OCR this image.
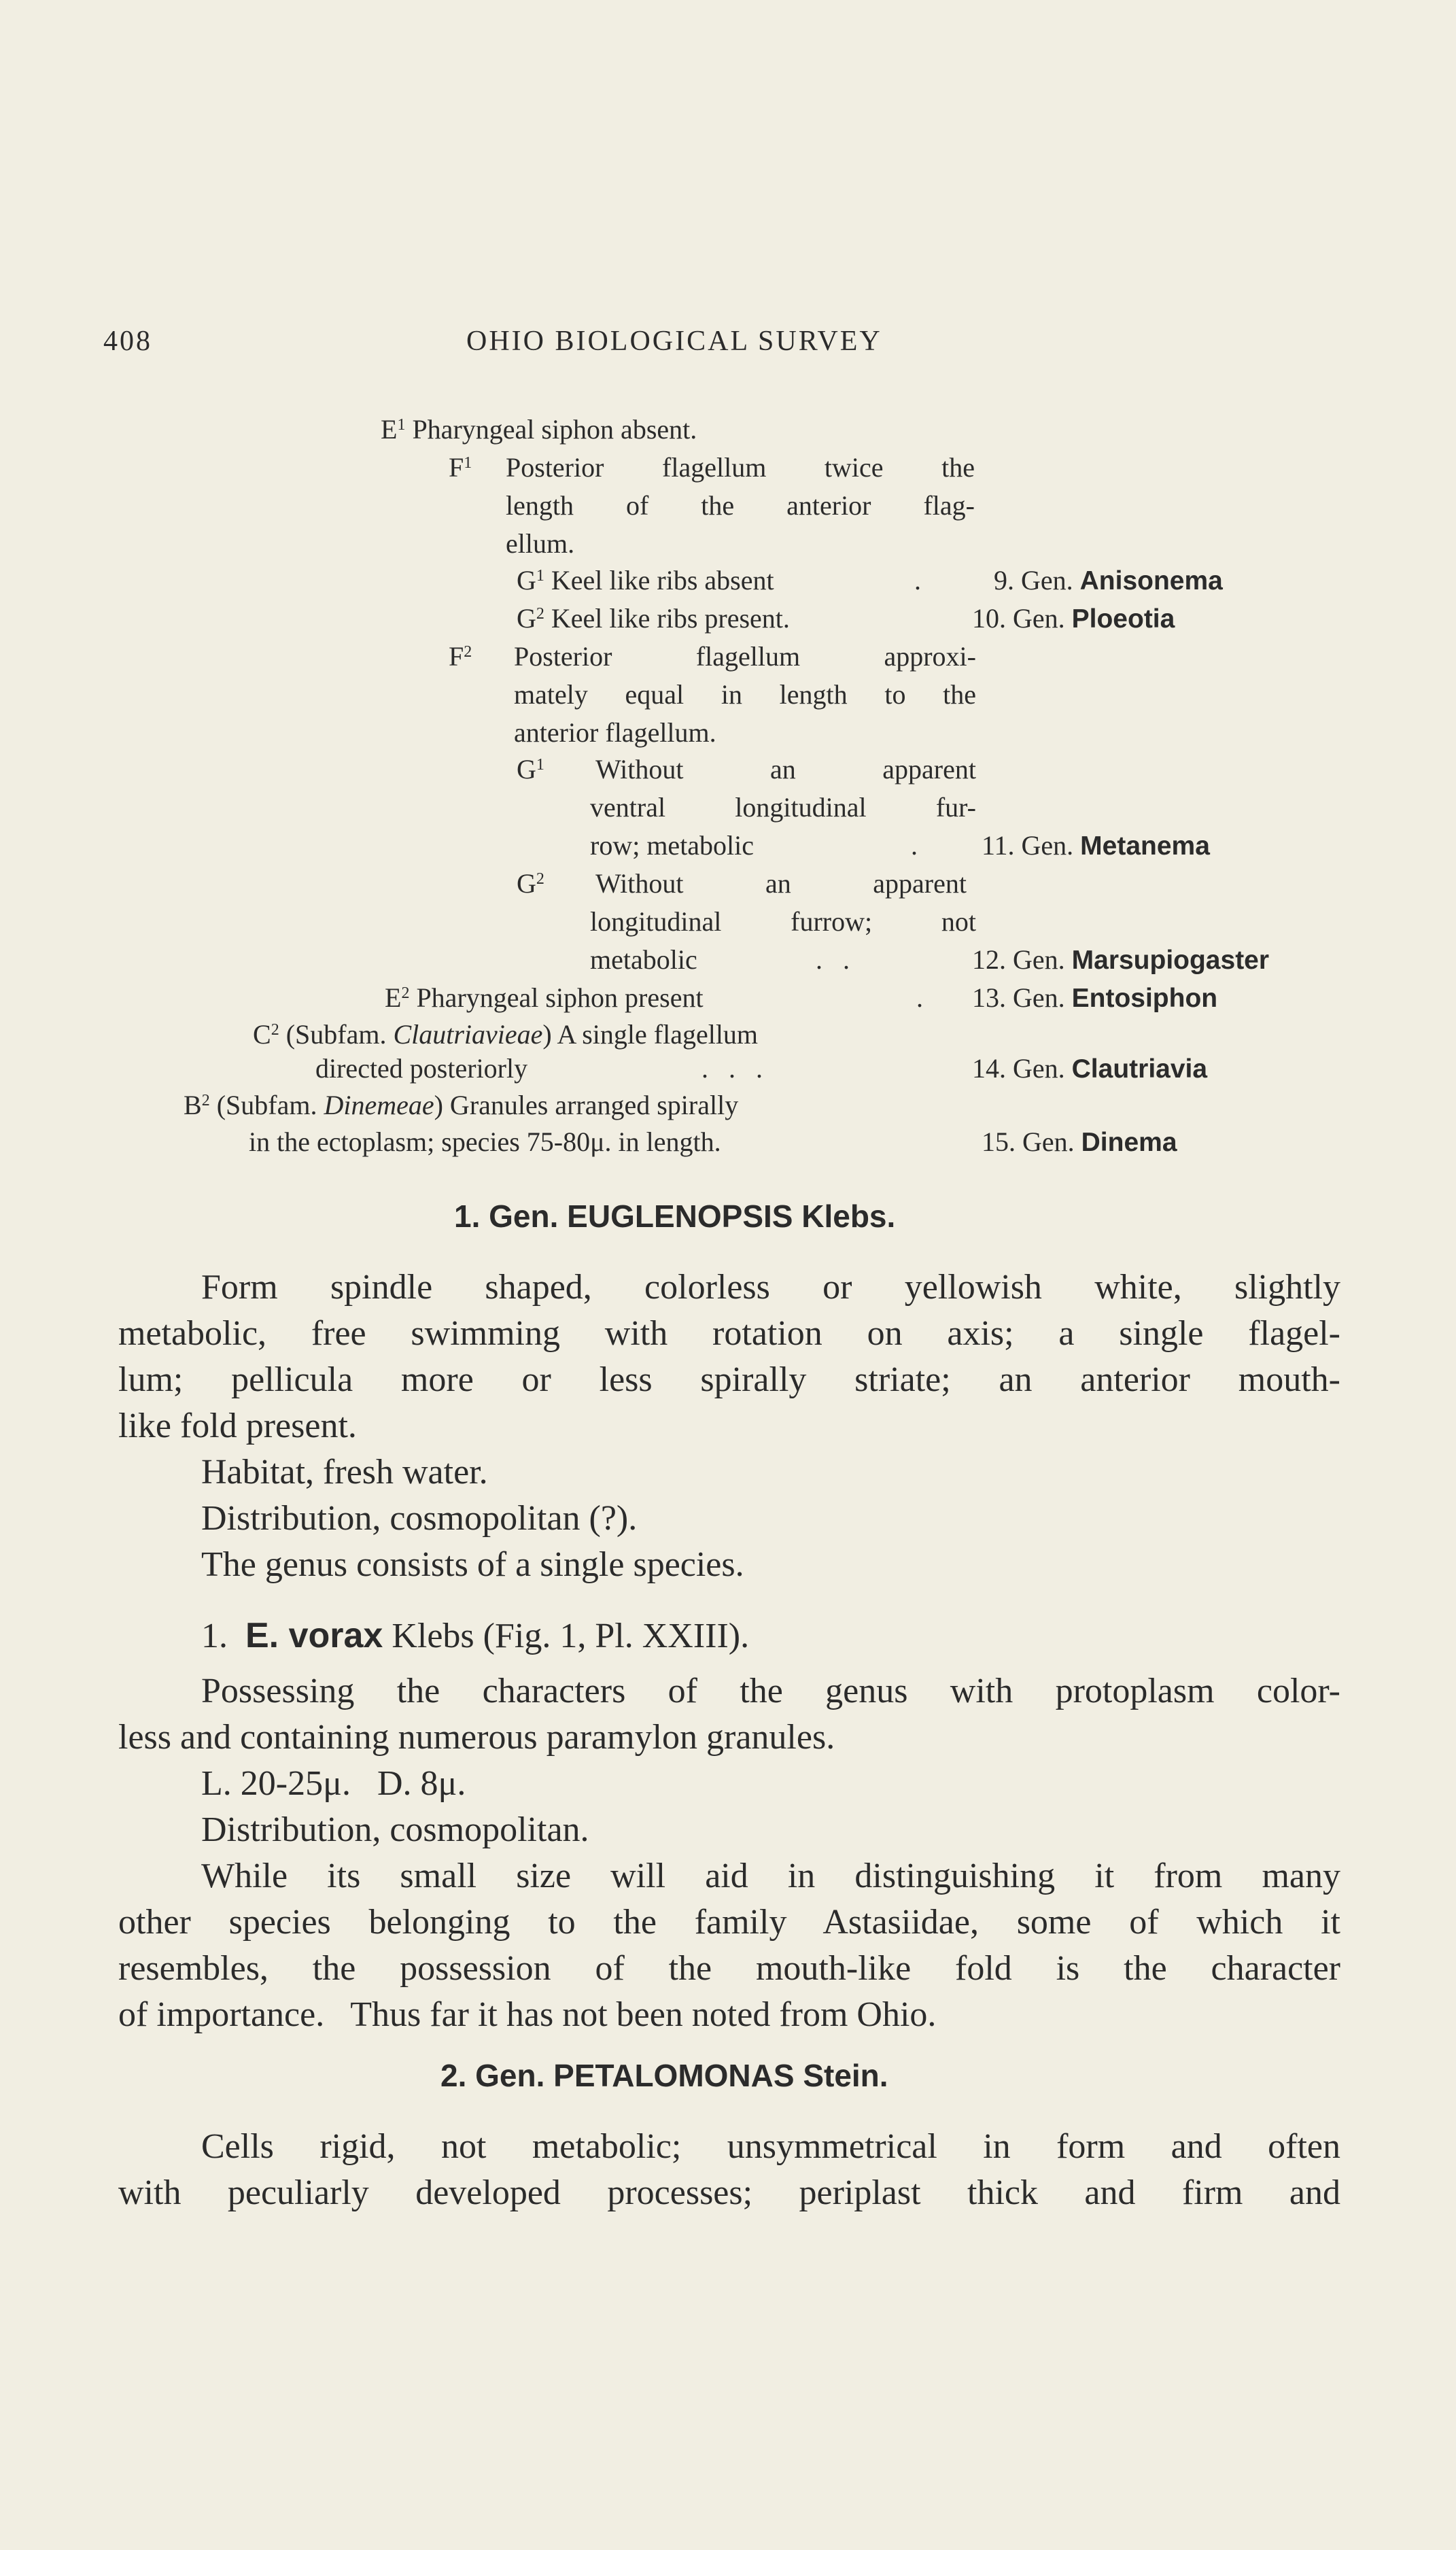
408	OHIO BIOLOGICAL SURVEY
$E^1$ Pharyngeal siphon absent.
$F^1$ Posterior flagellum twice the
length of the anterior flag-
ellum.
$G^1$ Keel like ribs absent	.	9. Gen. Anisonema
$G^2$ Keel like ribs present.	10. Gen. Ploeotia
$F^2$ Posterior flagellum approxi-
mately equal in length to the
anterior flagellum.
$G^1$ Without an apparent
ventral longitudinal fur-
row; metabolic	. 11. Gen. Metanema
$G^2$ Without an apparent
longitudinal furrow; not
metabolic	.   .	12. Gen. Marsupiogaster
$E^2$ Pharyngeal siphon present	. 13. Gen. Entosiphon
$C^2$ (Subfam. Clautriavieae) A single flagellum
directed posteriorly	.   .   .	14. Gen. Clautriavia
$B^2$ (Subfam. Dinemeae) Granules arranged spirally
in the ectoplasm; species 75-80μ. in length.	15. Gen. Dinema
1. Gen. EUGLENOPSIS Klebs.
Form spindle shaped, colorless or yellowish white, slightly
metabolic, free swimming with rotation on axis; a single flagel-
lum; pellicula more or less spirally striate; an anterior mouth-
like fold present.
Habitat, fresh water.
Distribution, cosmopolitan (?).
The genus consists of a single species.
1. E. vorax Klebs (Fig. 1, Pl. XXIII).
Possessing the characters of the genus with protoplasm color-
less and containing numerous paramylon granules.
L. 20-25μ.   D. 8μ.
Distribution, cosmopolitan.
While its small size will aid in distinguishing it from many
other species belonging to the family Astasiidae, some of which it
resembles, the possession of the mouth-like fold is the character
of importance.   Thus far it has not been noted from Ohio.
2. Gen. PETALOMONAS Stein.
Cells rigid, not metabolic; unsymmetrical in form and often
with peculiarly developed processes; periplast thick and firm and
